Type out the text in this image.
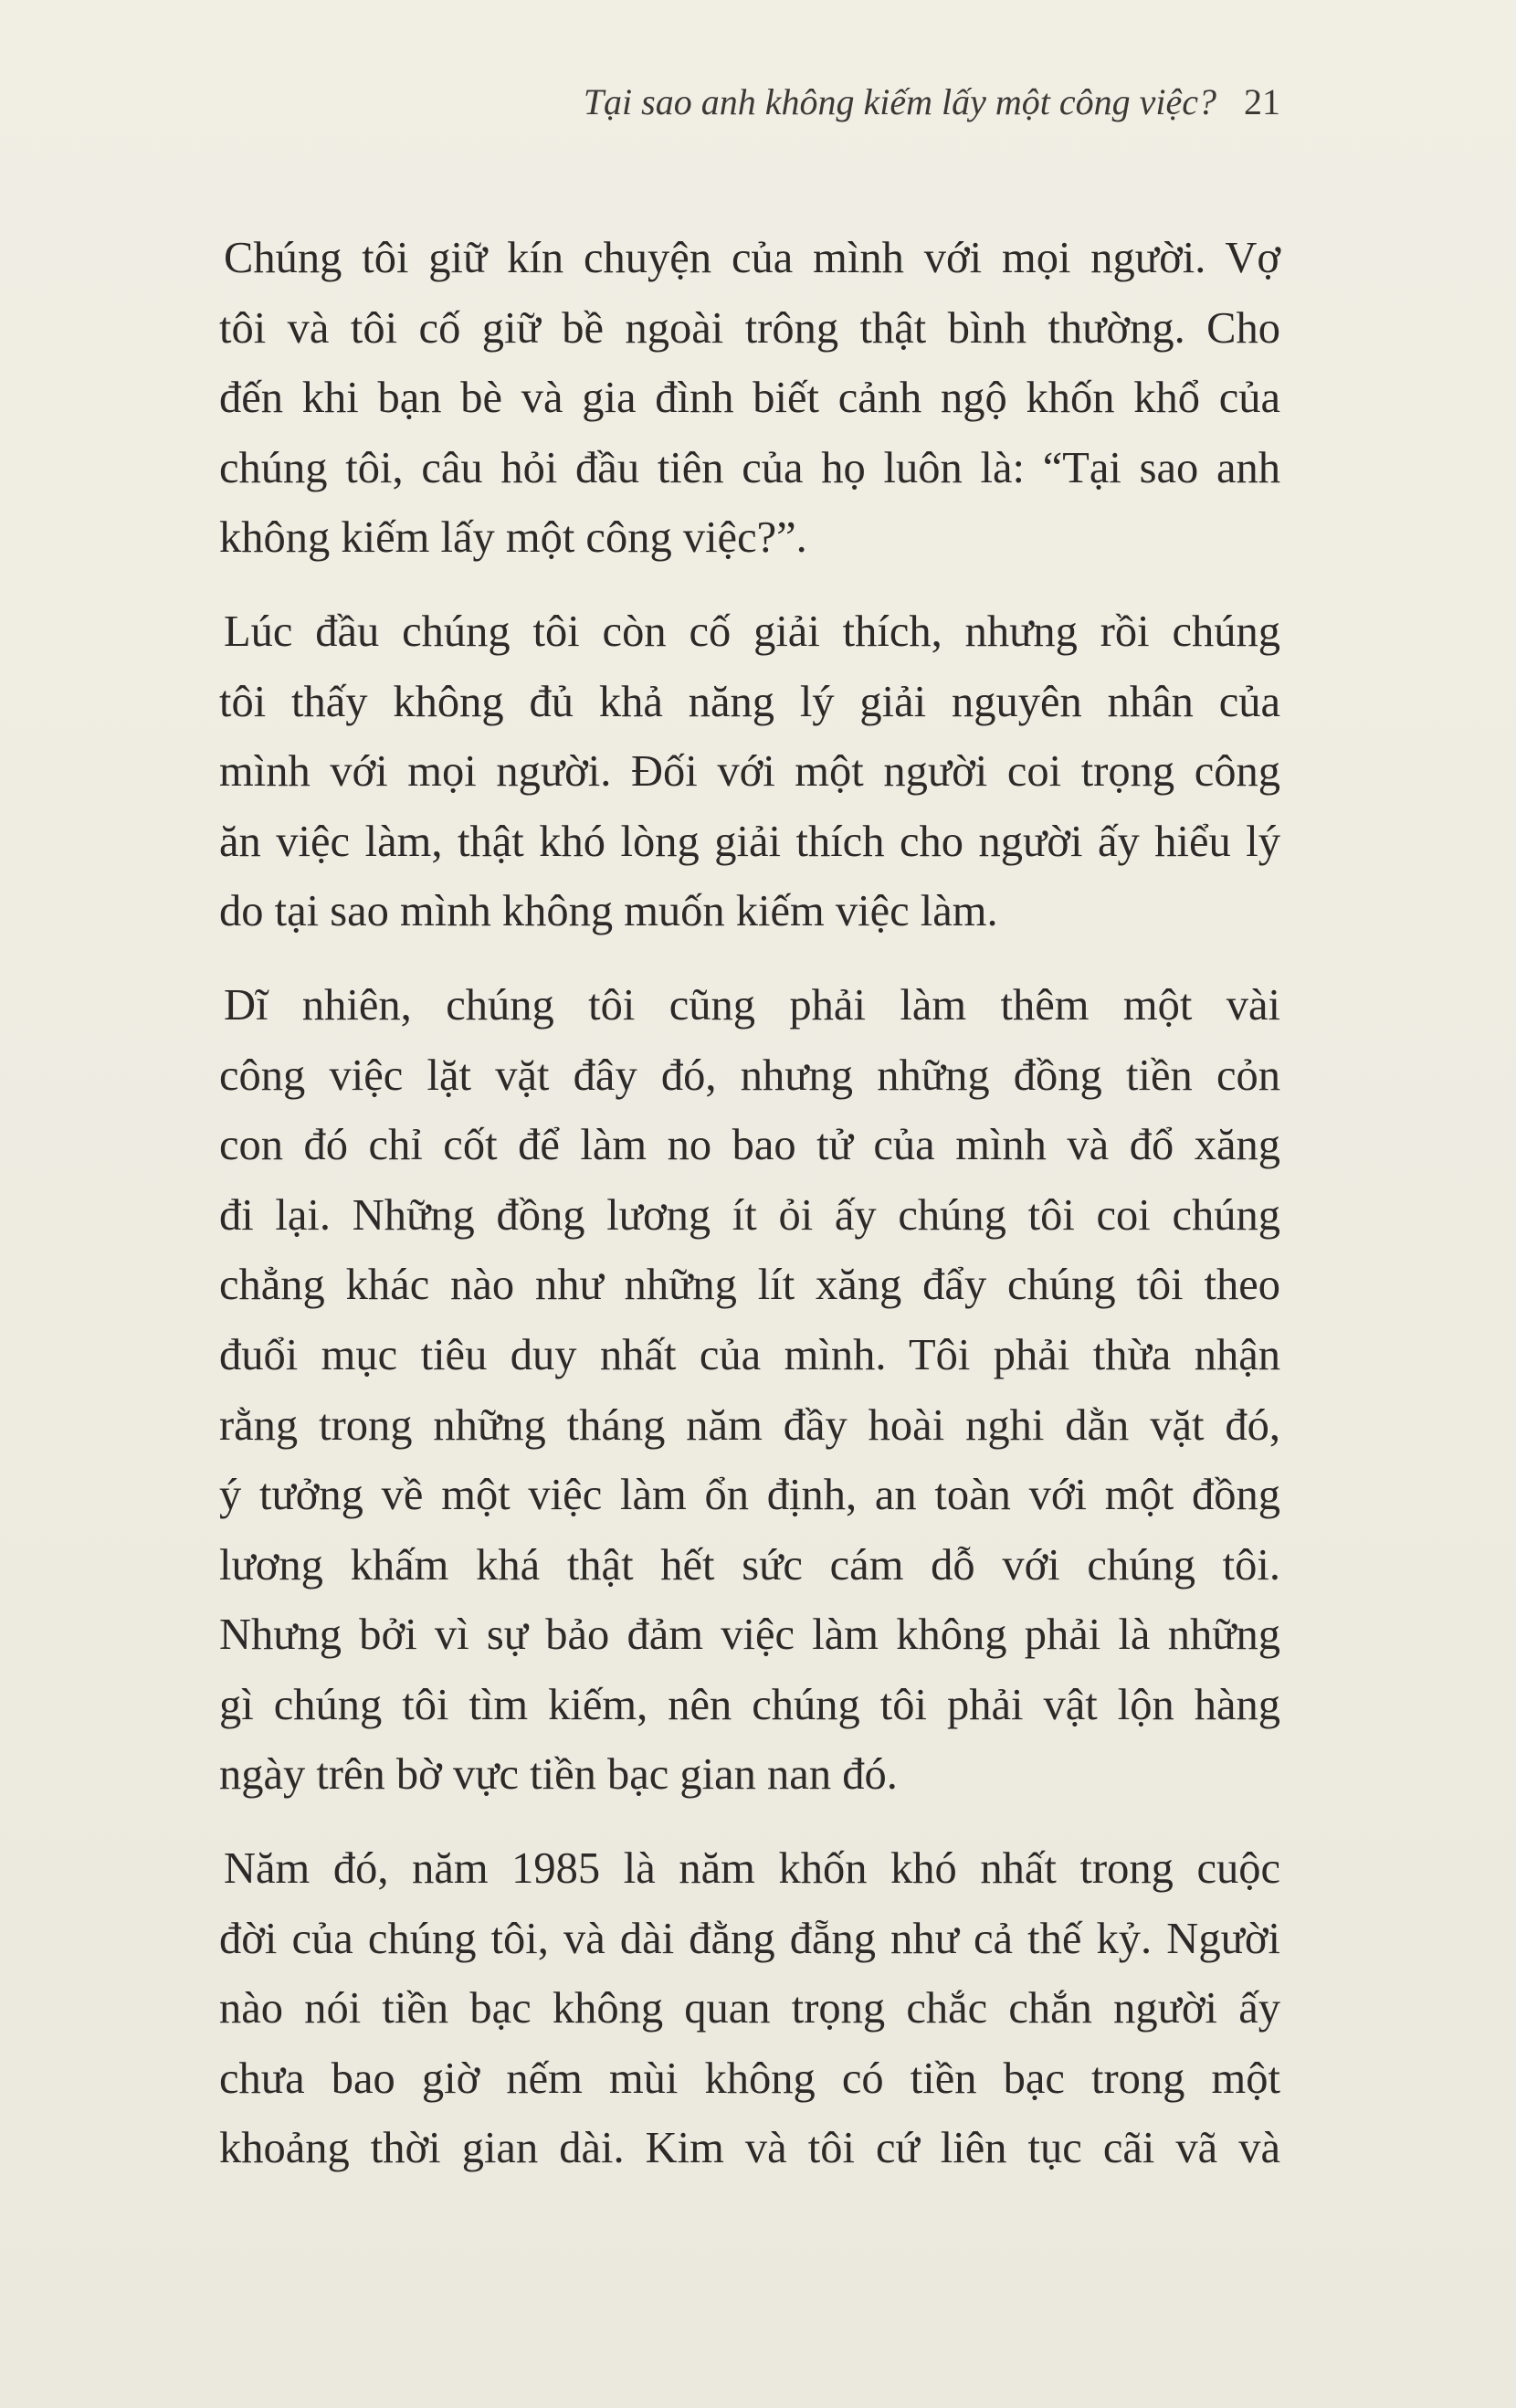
Tại sao anh không kiếm lấy một công việc? 21
Chúng tôi giữ kín chuyện của mình với mọi người. Vợ
tôi và tôi cố giữ bề ngoài trông thật bình thường. Cho
đến khi bạn bè và gia đình biết cảnh ngộ khốn khổ của
chúng tôi, câu hỏi đầu tiên của họ luôn là: “Tại sao anh
không kiếm lấy một công việc?”.
Lúc đầu chúng tôi còn cố giải thích, nhưng rồi chúng
tôi thấy không đủ khả năng lý giải nguyên nhân của
mình với mọi người. Đối với một người coi trọng công
ăn việc làm, thật khó lòng giải thích cho người ấy hiểu lý
do tại sao mình không muốn kiếm việc làm.
Dĩ nhiên, chúng tôi cũng phải làm thêm một vài
công việc lặt vặt đây đó, nhưng những đồng tiền cỏn
con đó chỉ cốt để làm no bao tử của mình và đổ xăng
đi lại. Những đồng lương ít ỏi ấy chúng tôi coi chúng
chẳng khác nào như những lít xăng đẩy chúng tôi theo
đuổi mục tiêu duy nhất của mình. Tôi phải thừa nhận
rằng trong những tháng năm đầy hoài nghi dằn vặt đó,
ý tưởng về một việc làm ổn định, an toàn với một đồng
lương khấm khá thật hết sức cám dỗ với chúng tôi.
Nhưng bởi vì sự bảo đảm việc làm không phải là những
gì chúng tôi tìm kiếm, nên chúng tôi phải vật lộn hàng
ngày trên bờ vực tiền bạc gian nan đó.
Năm đó, năm 1985 là năm khốn khó nhất trong cuộc
đời của chúng tôi, và dài đằng đẵng như cả thế kỷ. Người
nào nói tiền bạc không quan trọng chắc chắn người ấy
chưa bao giờ nếm mùi không có tiền bạc trong một
khoảng thời gian dài. Kim và tôi cứ liên tục cãi vã và
